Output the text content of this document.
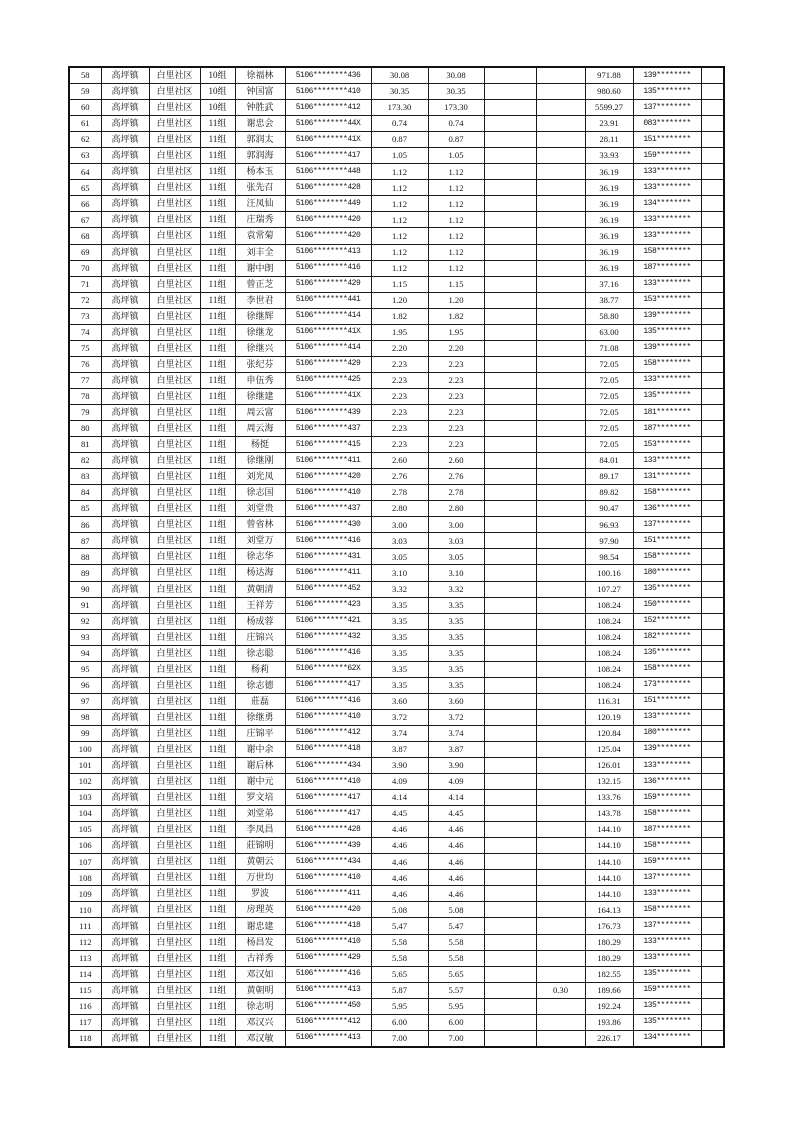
58	高坪镇	白里社区	10组	徐福林	5106********436	30.08	30.08			971.88	139********	
59	高坪镇	白里社区	10组	钟国富	5106********410	30.35	30.35			980.60	135********	
60	高坪镇	白里社区	10组	钟胜武	5106********412	173.30	173.30			5599.27	137********	
61	高坪镇	白里社区	11组	谢忠会	5106********44X	0.74	0.74			23.91	083********	
62	高坪镇	白里社区	11组	郭润太	5106********41X	0.87	0.87			28.11	151********	
63	高坪镇	白里社区	11组	郭润海	5106********417	1.05	1.05			33.93	159********	
64	高坪镇	白里社区	11组	杨本玉	5106********448	1.12	1.12			36.19	133********	
65	高坪镇	白里社区	11组	张先召	5106********428	1.12	1.12			36.19	133********	
66	高坪镇	白里社区	11组	汪凤仙	5106********449	1.12	1.12			36.19	134********	
67	高坪镇	白里社区	11组	庄瑞秀	5106********420	1.12	1.12			36.19	133********	
68	高坪镇	白里社区	11组	袁常菊	5106********420	1.12	1.12			36.19	133********	
69	高坪镇	白里社区	11组	刘丰全	5106********413	1.12	1.12			36.19	158********	
70	高坪镇	白里社区	11组	谢中朗	5106********416	1.12	1.12			36.19	187********	
71	高坪镇	白里社区	11组	曾正芝	5106********429	1.15	1.15			37.16	133********	
72	高坪镇	白里社区	11组	李世君	5106********441	1.20	1.20			38.77	153********	
73	高坪镇	白里社区	11组	徐继辉	5106********414	1.82	1.82			58.80	139********	
74	高坪镇	白里社区	11组	徐继龙	5106********41X	1.95	1.95			63.00	135********	
75	高坪镇	白里社区	11组	徐继兴	5106********414	2.20	2.20			71.08	139********	
76	高坪镇	白里社区	11组	张纪芬	5106********429	2.23	2.23			72.05	158********	
77	高坪镇	白里社区	11组	申伍秀	5106********425	2.23	2.23			72.05	133********	
78	高坪镇	白里社区	11组	徐继建	5106********41X	2.23	2.23			72.05	135********	
79	高坪镇	白里社区	11组	周云富	5106********439	2.23	2.23			72.05	181********	
80	高坪镇	白里社区	11组	周云海	5106********437	2.23	2.23			72.05	187********	
81	高坪镇	白里社区	11组	杨挺	5106********415	2.23	2.23			72.05	153********	
82	高坪镇	白里社区	11组	徐继刚	5106********411	2.60	2.60			84.01	133********	
83	高坪镇	白里社区	11组	刘光凤	5106********420	2.76	2.76			89.17	131********	
84	高坪镇	白里社区	11组	徐志国	5106********410	2.78	2.78			89.82	158********	
85	高坪镇	白里社区	11组	刘堂贵	5106********437	2.80	2.80			90.47	136********	
86	高坪镇	白里社区	11组	曾省林	5106********430	3.00	3.00			96.93	137********	
87	高坪镇	白里社区	11组	刘堂万	5106********416	3.03	3.03			97.90	151********	
88	高坪镇	白里社区	11组	徐志华	5106********431	3.05	3.05			98.54	158********	
89	高坪镇	白里社区	11组	杨达海	5106********411	3.10	3.10			100.16	180********	
90	高坪镇	白里社区	11组	黄朝清	5106********452	3.32	3.32			107.27	135********	
91	高坪镇	白里社区	11组	王祥芳	5106********423	3.35	3.35			108.24	150********	
92	高坪镇	白里社区	11组	杨成蓉	5106********421	3.35	3.35			108.24	152********	
93	高坪镇	白里社区	11组	庄锦兴	5106********432	3.35	3.35			108.24	182********	
94	高坪镇	白里社区	11组	徐志聪	5106********416	3.35	3.35			108.24	135********	
95	高坪镇	白里社区	11组	杨莉	5106********62X	3.35	3.35			108.24	158********	
96	高坪镇	白里社区	11组	徐志德	5106********417	3.35	3.35			108.24	173********	
97	高坪镇	白里社区	11组	莊磊	5106********416	3.60	3.60			116.31	151********	
98	高坪镇	白里社区	11组	徐继勇	5106********410	3.72	3.72			120.19	133********	
99	高坪镇	白里社区	11组	庄锦平	5106********412	3.74	3.74			120.84	180********	
100	高坪镇	白里社区	11组	谢中余	5106********418	3.87	3.87			125.04	139********	
101	高坪镇	白里社区	11组	谢后林	5106********434	3.90	3.90			126.01	133********	
102	高坪镇	白里社区	11组	谢中元	5106********410	4.09	4.09			132.15	136********	
103	高坪镇	白里社区	11组	罗文培	5106********417	4.14	4.14			133.76	159********	
104	高坪镇	白里社区	11组	刘堂弟	5106********417	4.45	4.45			143.78	158********	
105	高坪镇	白里社区	11组	李凤昌	5106********428	4.46	4.46			144.10	187********	
106	高坪镇	白里社区	11组	莊锦明	5106********439	4.46	4.46			144.10	158********	
107	高坪镇	白里社区	11组	黄朝云	5106********434	4.46	4.46			144.10	159********	
108	高坪镇	白里社区	11组	万世均	5106********410	4.46	4.46			144.10	137********	
109	高坪镇	白里社区	11组	罗波	5106********411	4.46	4.46			144.10	133********	
110	高坪镇	白里社区	11组	房理英	5106********420	5.08	5.08			164.13	158********	
111	高坪镇	白里社区	11组	谢忠建	5106********418	5.47	5.47			176.73	137********	
112	高坪镇	白里社区	11组	杨昌发	5106********410	5.58	5.58			180.29	133********	
113	高坪镇	白里社区	11组	古祥秀	5106********429	5.58	5.58			180.29	133********	
114	高坪镇	白里社区	11组	邓汉如	5106********416	5.65	5.65			182.55	135********	
115	高坪镇	白里社区	11组	黄朝明	5106********413	5.87	5.57		0.30	189.66	159********	
116	高坪镇	白里社区	11组	徐志明	5106********450	5.95	5.95			192.24	135********	
117	高坪镇	白里社区	11组	邓汉兴	5106********412	6.00	6.00			193.86	135********	
118	高坪镇	白里社区	11组	邓汉敏	5106********413	7.00	7.00			226.17	134********	
